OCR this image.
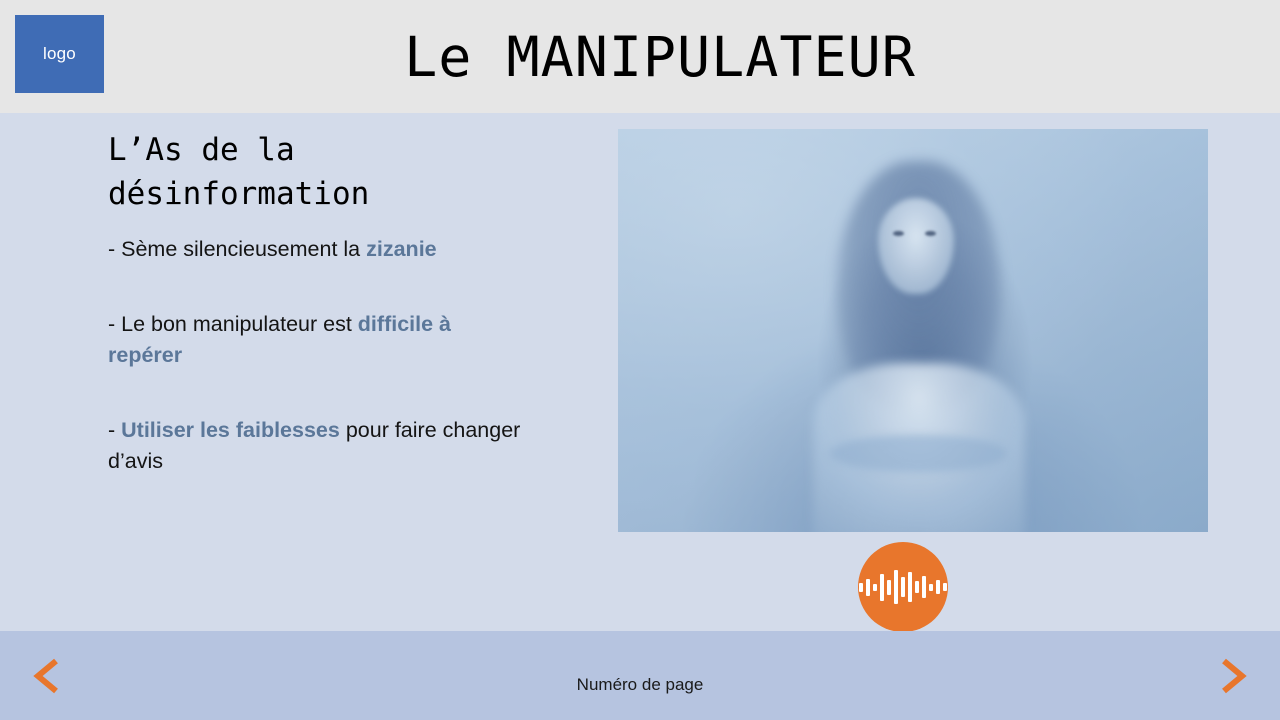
logo	Le MANIPULATEUR
L’As de la désinformation

- Sème silencieusement la zizanie

- Le bon manipulateur est difficile à repérer

- Utiliser les faiblesses pour faire changer d’avis

Numéro de page
